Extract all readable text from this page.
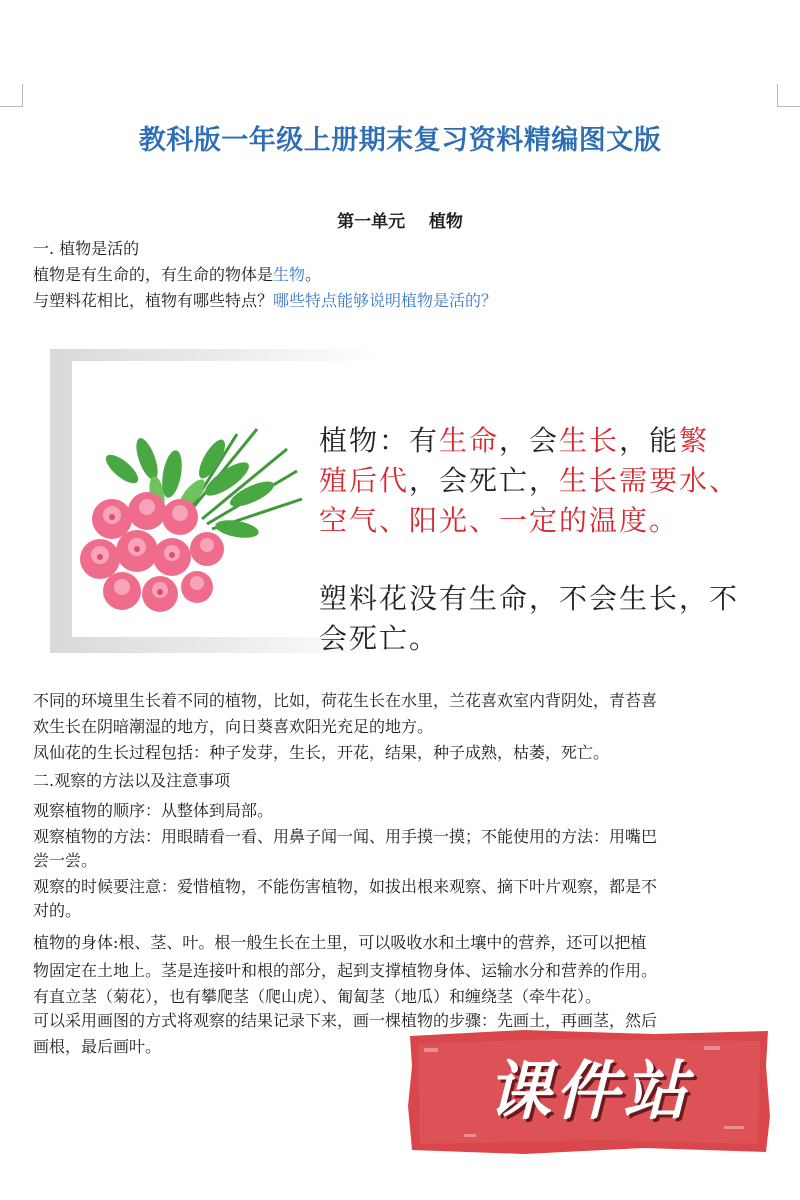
教科版一年级上册期末复习资料精编图文版
第一单元    植物
一. 植物是活的
植物是有生命的，有生命的物体是生物。
与塑料花相比，植物有哪些特点？哪些特点能够说明植物是活的？
植物：有生命，会生长，能繁
殖后代，会死亡，生长需要水、
空气、阳光、一定的温度。
塑料花没有生命，不会生长，不
会死亡。
不同的环境里生长着不同的植物，比如，荷花生长在水里，兰花喜欢室内背阴处，青苔喜
欢生长在阴暗潮湿的地方，向日葵喜欢阳光充足的地方。
凤仙花的生长过程包括：种子发芽，生长，开花，结果，种子成熟，枯萎，死亡。
二.观察的方法以及注意事项
观察植物的顺序：从整体到局部。
观察植物的方法：用眼睛看一看、用鼻子闻一闻、用手摸一摸；不能使用的方法：用嘴巴
尝一尝。
观察的时候要注意：爱惜植物，不能伤害植物，如拔出根来观察、摘下叶片观察，都是不
对的。
植物的身体:根、茎、叶。根一般生长在土里，可以吸收水和土壤中的营养，还可以把植
物固定在土地上。茎是连接叶和根的部分，起到支撑植物身体、运输水分和营养的作用。
有直立茎（菊花），也有攀爬茎（爬山虎）、匍匐茎（地瓜）和缠绕茎（牵牛花）。
可以采用画图的方式将观察的结果记录下来，画一棵植物的步骤：先画土，再画茎，然后
画根，最后画叶。
课件站
